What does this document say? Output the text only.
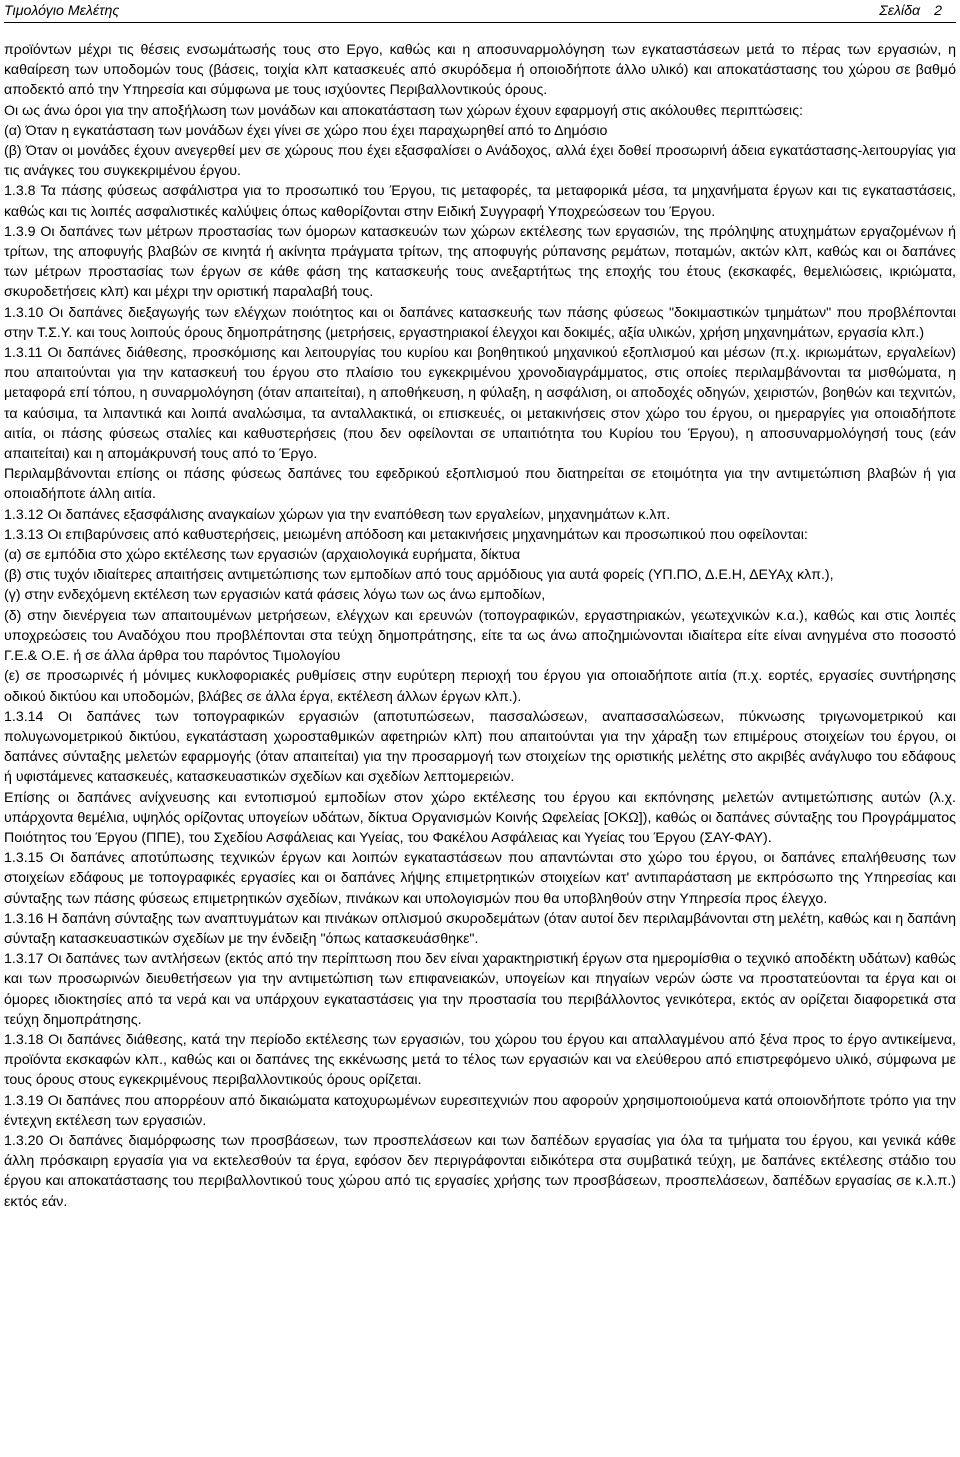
Τιμολόγιο Μελέτης	Σελίδα 2

προϊόντων μέχρι τις θέσεις ενσωμάτωσής τους στο Εργο, καθώς και η αποσυναρμολόγηση των εγκαταστάσεων μετά το πέρας των εργασιών, η καθαίρεση των υποδομών τους (βάσεις, τοιχία κλπ κατασκευές από σκυρόδεμα ή οποιοδήποτε άλλο υλικό) και αποκατάστασης του χώρου σε βαθμό αποδεκτό από την Υπηρεσία και σύμφωνα με τους ισχύοντες Περιβαλλοντικούς όρους.

Οι ως άνω όροι για την αποξήλωση των μονάδων και αποκατάσταση των χώρων έχουν εφαρμογή στις ακόλουθες περιπτώσεις:

(α) Όταν η εγκατάσταση των μονάδων έχει γίνει σε χώρο που έχει παραχωρηθεί από το Δημόσιο

(β) Όταν οι μονάδες έχουν ανεγερθεί μεν σε χώρους που έχει εξασφαλίσει ο Ανάδοχος, αλλά έχει δοθεί προσωρινή άδεια εγκατάστασης-λειτουργίας για τις ανάγκες του συγκεκριμένου έργου.

1.3.8 Τα πάσης φύσεως ασφάλιστρα για το προσωπικό του Έργου, τις μεταφορές, τα μεταφορικά μέσα, τα μηχανήματα έργων και τις εγκαταστάσεις, καθώς και τις λοιπές ασφαλιστικές καλύψεις όπως καθορίζονται στην Ειδική Συγγραφή Υποχρεώσεων του Έργου.

1.3.9 Οι δαπάνες των μέτρων προστασίας των όμορων κατασκευών των χώρων εκτέλεσης των εργασιών, της πρόληψης ατυχημάτων εργαζομένων ή τρίτων, της αποφυγής βλαβών σε κινητά ή ακίνητα πράγματα τρίτων, της αποφυγής ρύπανσης ρεμάτων, ποταμών, ακτών κλπ, καθώς και οι δαπάνες των μέτρων προστασίας των έργων σε κάθε φάση της κατασκευής τους ανεξαρτήτως της εποχής του έτους (εκσκαφές, θεμελιώσεις, ικριώματα, σκυροδετήσεις κλπ) και μέχρι την οριστική παραλαβή τους.

1.3.10 Οι δαπάνες διεξαγωγής των ελέγχων ποιότητος και οι δαπάνες κατασκευής των πάσης φύσεως "δοκιμαστικών τμημάτων" που προβλέπονται στην Τ.Σ.Υ. και τους λοιπούς όρους δημοπράτησης (μετρήσεις, εργαστηριακοί έλεγχοι και δοκιμές, αξία υλικών, χρήση μηχανημάτων, εργασία κλπ.)

1.3.11 Οι δαπάνες διάθεσης, προσκόμισης και λειτουργίας του κυρίου και βοηθητικού μηχανικού εξοπλισμού και μέσων (π.χ. ικριωμάτων, εργαλείων) που απαιτούνται για την κατασκευή του έργου στο πλαίσιο του εγκεκριμένου χρονοδιαγράμματος, στις οποίες περιλαμβάνονται τα μισθώματα, η μεταφορά επί τόπου, η συναρμολόγηση (όταν απαιτείται), η αποθήκευση, η φύλαξη, η ασφάλιση, οι αποδοχές οδηγών, χειριστών, βοηθών και τεχνιτών, τα καύσιμα, τα λιπαντικά και λοιπά αναλώσιμα, τα ανταλλακτικά, οι επισκευές, οι μετακινήσεις στον χώρο του έργου, οι ημεραργίες για οποιαδήποτε αιτία, οι πάσης φύσεως σταλίες και καθυστερήσεις (που δεν οφείλονται σε υπαιτιότητα του Κυρίου του Έργου), η αποσυναρμολόγησή τους (εάν απαιτείται) και η απομάκρυνσή τους από το Έργο.

Περιλαμβάνονται επίσης οι πάσης φύσεως δαπάνες του εφεδρικού εξοπλισμού που διατηρείται σε ετοιμότητα για την αντιμετώπιση βλαβών ή για οποιαδήποτε άλλη αιτία.

1.3.12 Οι δαπάνες εξασφάλισης αναγκαίων χώρων για την εναπόθεση των εργαλείων, μηχανημάτων κ.λπ.

1.3.13 Οι επιβαρύνσεις από καθυστερήσεις, μειωμένη απόδοση και μετακινήσεις μηχανημάτων και προσωπικού που οφείλονται:

(α) σε εμπόδια στο χώρο εκτέλεσης των εργασιών (αρχαιολογικά ευρήματα, δίκτυα

(β) στις τυχόν ιδιαίτερες απαιτήσεις αντιμετώπισης των εμποδίων από τους αρμόδιους για αυτά φορείς (ΥΠ.ΠΟ, Δ.Ε.Η, ΔΕΥΑχ κλπ.),

(γ) στην ενδεχόμενη εκτέλεση των εργασιών κατά φάσεις λόγω των ως άνω εμποδίων,

(δ) στην διενέργεια των απαιτουμένων μετρήσεων, ελέγχων και ερευνών (τοπογραφικών, εργαστηριακών, γεωτεχνικών κ.α.), καθώς και στις λοιπές υποχρεώσεις του Αναδόχου που προβλέπονται στα τεύχη δημοπράτησης, είτε τα ως άνω αποζημιώνονται ιδιαίτερα είτε είναι ανηγμένα στο ποσοστό Γ.Ε.& Ο.Ε. ή σε άλλα άρθρα του παρόντος Τιμολογίου

(ε) σε προσωρινές ή μόνιμες κυκλοφοριακές ρυθμίσεις στην ευρύτερη περιοχή του έργου για οποιαδήποτε αιτία (π.χ. εορτές, εργασίες συντήρησης οδικού δικτύου και υποδομών, βλάβες σε άλλα έργα, εκτέλεση άλλων έργων κλπ.).

1.3.14 Οι δαπάνες των τοπογραφικών εργασιών (αποτυπώσεων, πασσαλώσεων, αναπασσαλώσεων, πύκνωσης τριγωνομετρικού και πολυγωνομετρικού δικτύου, εγκατάσταση χωροσταθμικών αφετηριών κλπ) που απαιτούνται για την χάραξη των επιμέρους στοιχείων του έργου, οι δαπάνες σύνταξης μελετών εφαρμογής (όταν απαιτείται) για την προσαρμογή των στοιχείων της οριστικής μελέτης στο ακριβές ανάγλυφο του εδάφους ή υφιστάμενες κατασκευές, κατασκευαστικών σχεδίων και σχεδίων λεπτομερειών.

Επίσης οι δαπάνες ανίχνευσης και εντοπισμού εμποδίων στον χώρο εκτέλεσης του έργου και εκπόνησης μελετών αντιμετώπισης αυτών (λ.χ. υπάρχοντα θεμέλια, υψηλός ορίζοντας υπογείων υδάτων, δίκτυα Οργανισμών Κοινής Ωφελείας [ΟΚΩ]), καθώς οι δαπάνες σύνταξης του Προγράμματος Ποιότητος του Έργου (ΠΠΕ), του Σχεδίου Ασφάλειας και Υγείας, του Φακέλου Ασφάλειας και Υγείας του Έργου (ΣΑΥ-ΦΑΥ).

1.3.15 Οι δαπάνες αποτύπωσης τεχνικών έργων και λοιπών εγκαταστάσεων που απαντώνται στο χώρο του έργου, οι δαπάνες επαλήθευσης των στοιχείων εδάφους με τοπογραφικές εργασίες και οι δαπάνες λήψης επιμετρητικών στοιχείων κατ' αντιπαράσταση με εκπρόσωπο της Υπηρεσίας και σύνταξης των πάσης φύσεως επιμετρητικών σχεδίων, πινάκων και υπολογισμών που θα υποβληθούν στην Υπηρεσία προς έλεγχο.

1.3.16 Η δαπάνη σύνταξης των αναπτυγμάτων και πινάκων οπλισμού σκυροδεμάτων (όταν αυτοί δεν περιλαμβάνονται στη μελέτη, καθώς και η δαπάνη σύνταξη κατασκευαστικών σχεδίων με την ένδειξη "όπως κατασκευάσθηκε".

1.3.17 Οι δαπάνες των αντλήσεων (εκτός από την περίπτωση που δεν είναι χαρακτηριστική έργων στα ημερομίσθια ο τεχνικό αποδέκτη υδάτων) καθώς και των προσωρινών διευθετήσεων για την αντιμετώπιση των επιφανειακών, υπογείων και πηγαίων νερών ώστε να προστατεύονται τα έργα και οι όμορες ιδιοκτησίες από τα νερά και να υπάρχουν εγκαταστάσεις για την προστασία του περιβάλλοντος γενικότερα, εκτός αν ορίζεται διαφορετικά στα τεύχη δημοπράτησης.

1.3.18 Οι δαπάνες διάθεσης, κατά την περίοδο εκτέλεσης των εργασιών, του χώρου του έργου και απαλλαγμένου από ξένα προς το έργο αντικείμενα, προϊόντα εκσκαφών κλπ., καθώς και οι δαπάνες της εκκένωσης μετά το τέλος των εργασιών και να ελεύθερου από επιστρεφόμενο υλικό, σύμφωνα με τους όρους στους εγκεκριμένους περιβαλλοντικούς όρους ορίζεται.

1.3.19 Οι δαπάνες που απορρέουν από δικαιώματα κατοχυρωμένων ευρεσιτεχνιών που αφορούν χρησιμοποιούμενα κατά οποιονδήποτε τρόπο για την έντεχνη εκτέλεση των εργασιών.

1.3.20 Οι δαπάνες διαμόρφωσης των προσβάσεων, των προσπελάσεων και των δαπέδων εργασίας για όλα τα τμήματα του έργου, και γενικά κάθε άλλη πρόσκαιρη εργασία για να εκτελεσθούν τα έργα, εφόσον δεν περιγράφονται ειδικότερα στα συμβατικά τεύχη, με δαπάνες εκτέλεσης στάδιο του έργου και αποκατάστασης του περιβαλλοντικού τους χώρου από τις εργασίες χρήσης των προσβάσεων, προσπελάσεων, δαπέδων εργασίας σε κ.λ.π.) εκτός εάν.
